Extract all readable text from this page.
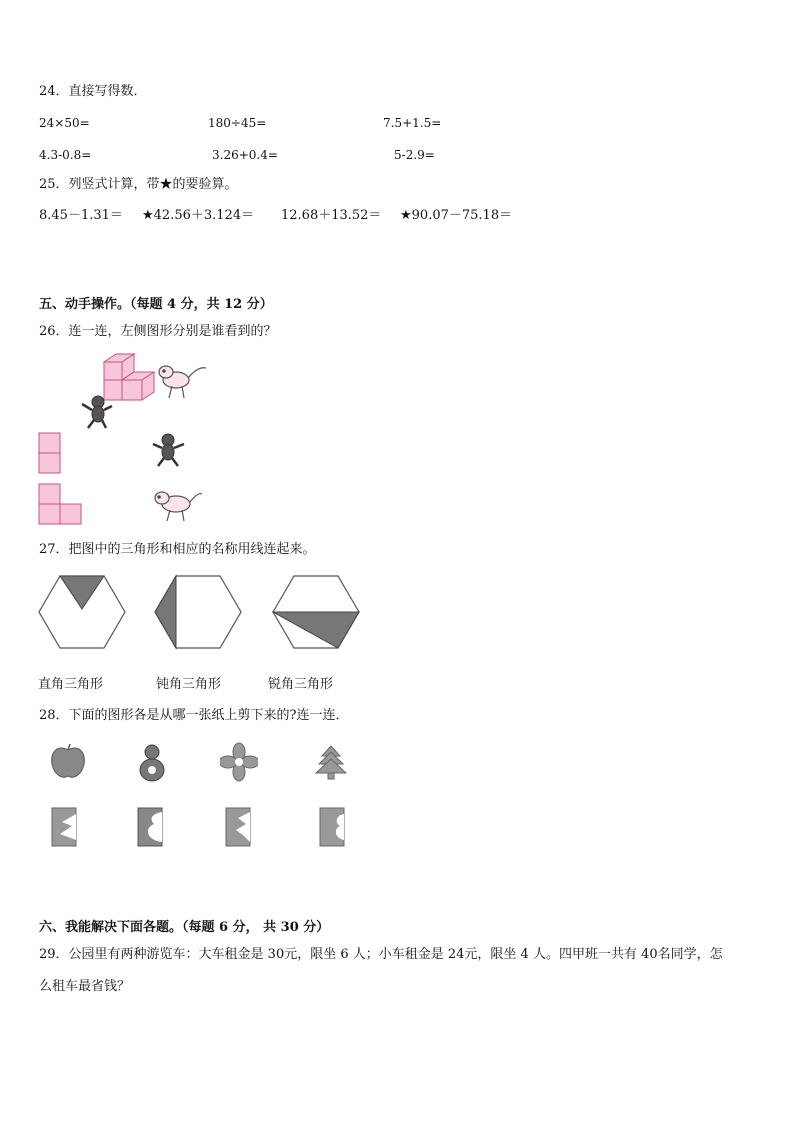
24．直接写得数．
24×50=	180÷45=	7.5+1.5=
4.3-0.8=	3.26+0.4=	5-2.9=
25．列竖式计算，带★的要验算。
8.45－1.31＝ ★42.56＋3.124＝ 12.68＋13.52＝ ★90.07－75.18＝
五、动手操作。（每题 4 分，共 12 分）
26．连一连，左侧图形分别是谁看到的？
27．把图中的三角形和相应的名称用线连起来。
直角三角形	钝角三角形	锐角三角形
28．下面的图形各是从哪一张纸上剪下来的?连一连．
六、我能解决下面各题。（每题 6 分， 共 30 分）
29．公园里有两种游览车：大车租金是 30元，限坐 6 人；小车租金是 24元，限坐 4 人。四甲班一共有 40名同学，怎
么租车最省钱？
